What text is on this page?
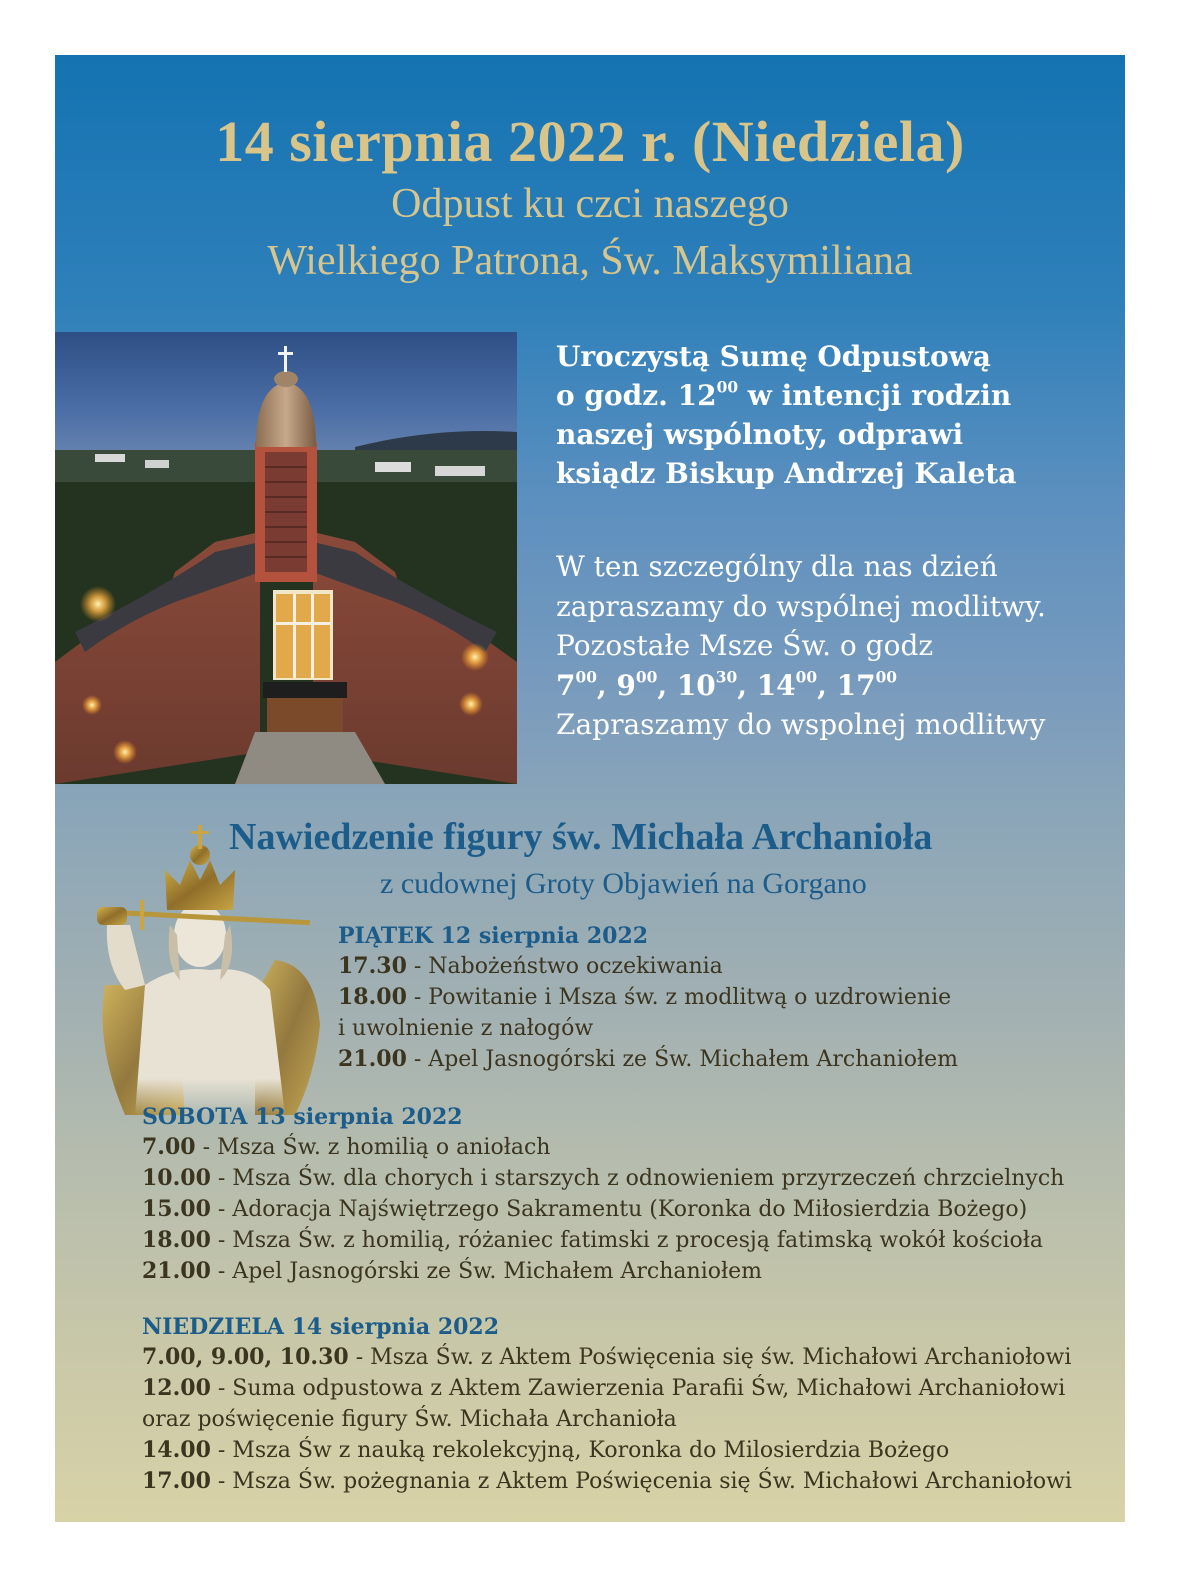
14 sierpnia 2022 r. (Niedziela)
Odpust ku czci naszego
Wielkiego Patrona, Św. Maksymiliana
Uroczystą Sumę Odpustową
o godz. $12^{00}$ w intencji rodzin
naszej wspólnoty, odprawi
ksiądz Biskup Andrzej Kaleta
W ten szczególny dla nas dzień
zapraszamy do wspólnej modlitwy.
Pozostałe Msze Św. o godz
$7^{00}$, $9^{00}$, $10^{30}$, $14^{00}$, $17^{00}$
Zapraszamy do wspolnej modlitwy
Nawiedzenie figury św. Michała Archanioła
z cudownej Groty Objawień na Gorgano
PIĄTEK 12 sierpnia 2022
17.30 - Nabożeństwo oczekiwania
18.00 - Powitanie i Msza św. z modlitwą o uzdrowienie
i uwolnienie z nałogów
21.00 - Apel Jasnogórski ze Św. Michałem Archaniołem
SOBOTA 13 sierpnia 2022
7.00 - Msza Św. z homilią o aniołach
10.00 - Msza Św. dla chorych i starszych z odnowieniem przyrzeczeń chrzcielnych
15.00 - Adoracja Najświętrzego Sakramentu (Koronka do Miłosierdzia Bożego)
18.00 - Msza Św. z homilią, różaniec fatimski z procesją fatimską wokół kościoła
21.00 - Apel Jasnogórski ze Św. Michałem Archaniołem
NIEDZIELA 14 sierpnia 2022
7.00, 9.00, 10.30 - Msza Św. z Aktem Poświęcenia się św. Michałowi Archaniołowi
12.00 - Suma odpustowa z Aktem Zawierzenia Parafii Św, Michałowi Archaniołowi
oraz poświęcenie figury Św. Michała Archanioła
14.00 - Msza Św z nauką rekolekcyjną, Koronka do Milosierdzia Bożego
17.00 - Msza Św. pożegnania z Aktem Poświęcenia się Św. Michałowi Archaniołowi
